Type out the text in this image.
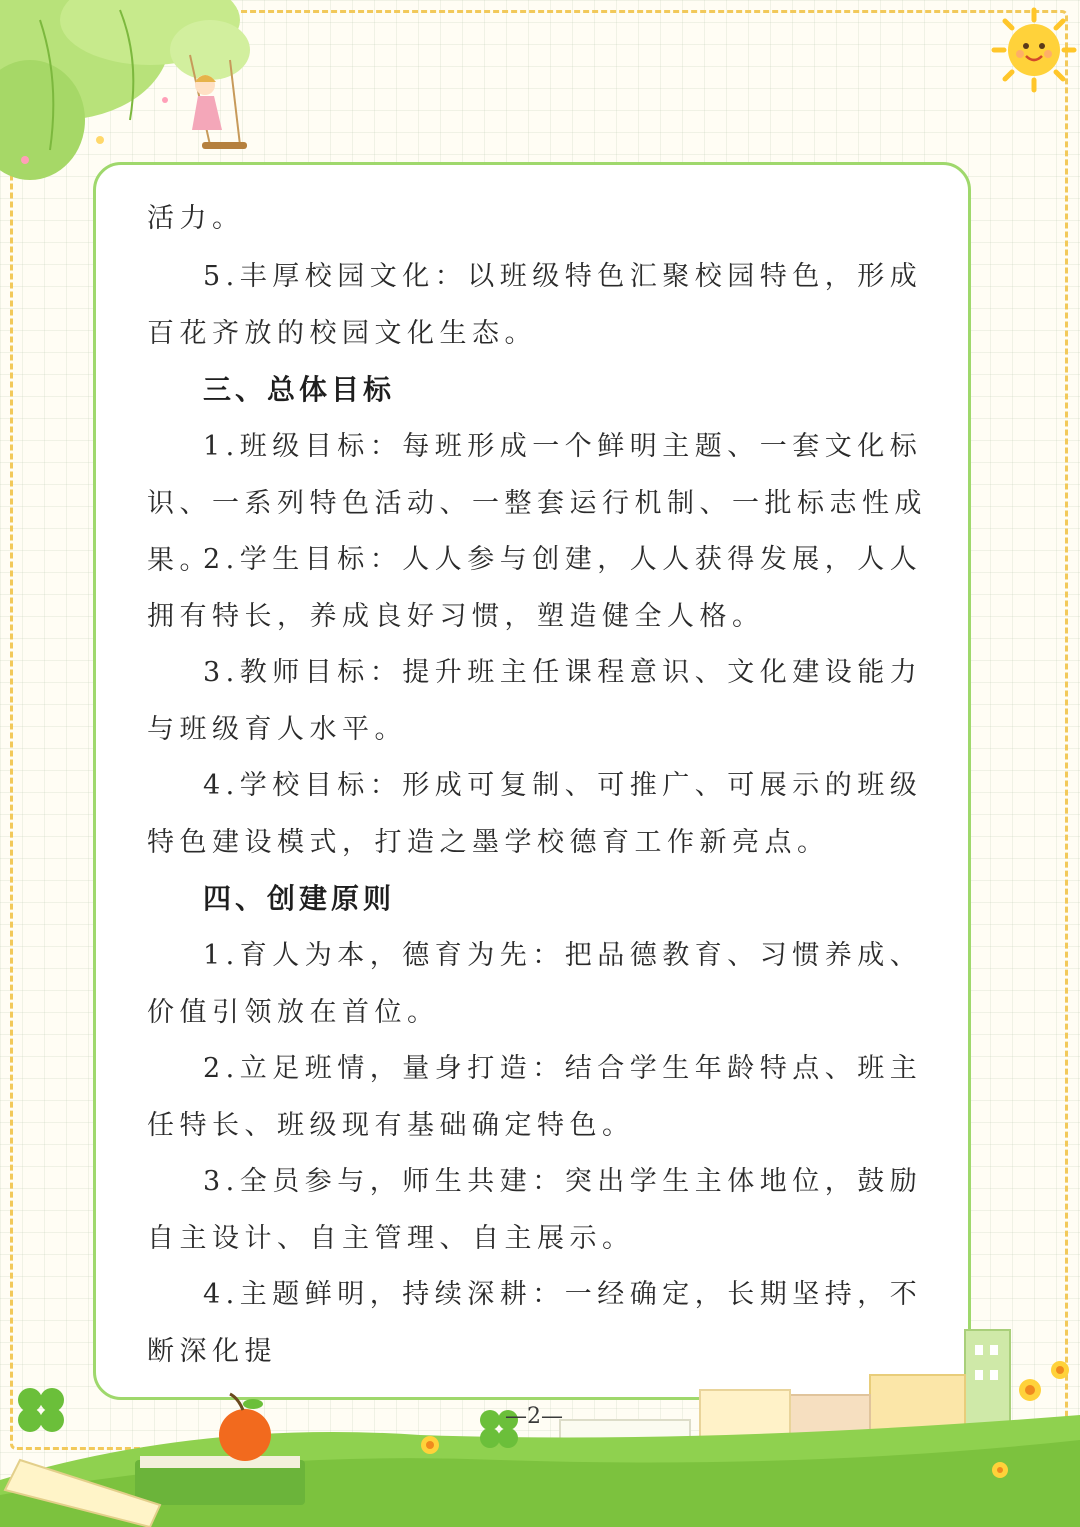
活力。

5.丰厚校园文化：以班级特色汇聚校园特色，形成百花齐放的校园文化生态。

三、总体目标

1.班级目标：每班形成一个鲜明主题、一套文化标识、一系列特色活动、一整套运行机制、一批标志性成果。

2.学生目标：人人参与创建，人人获得发展，人人拥有特长，养成良好习惯，塑造健全人格。

3.教师目标：提升班主任课程意识、文化建设能力与班级育人水平。

4.学校目标：形成可复制、可推广、可展示的班级特色建设模式，打造之墨学校德育工作新亮点。

四、创建原则

1.育人为本，德育为先：把品德教育、习惯养成、价值引领放在首位。

2.立足班情，量身打造：结合学生年龄特点、班主任特长、班级现有基础确定特色。

3.全员参与，师生共建：突出学生主体地位，鼓励自主设计、自主管理、自主展示。

4.主题鲜明，持续深耕：一经确定，长期坚持，不断深化提

—2—
